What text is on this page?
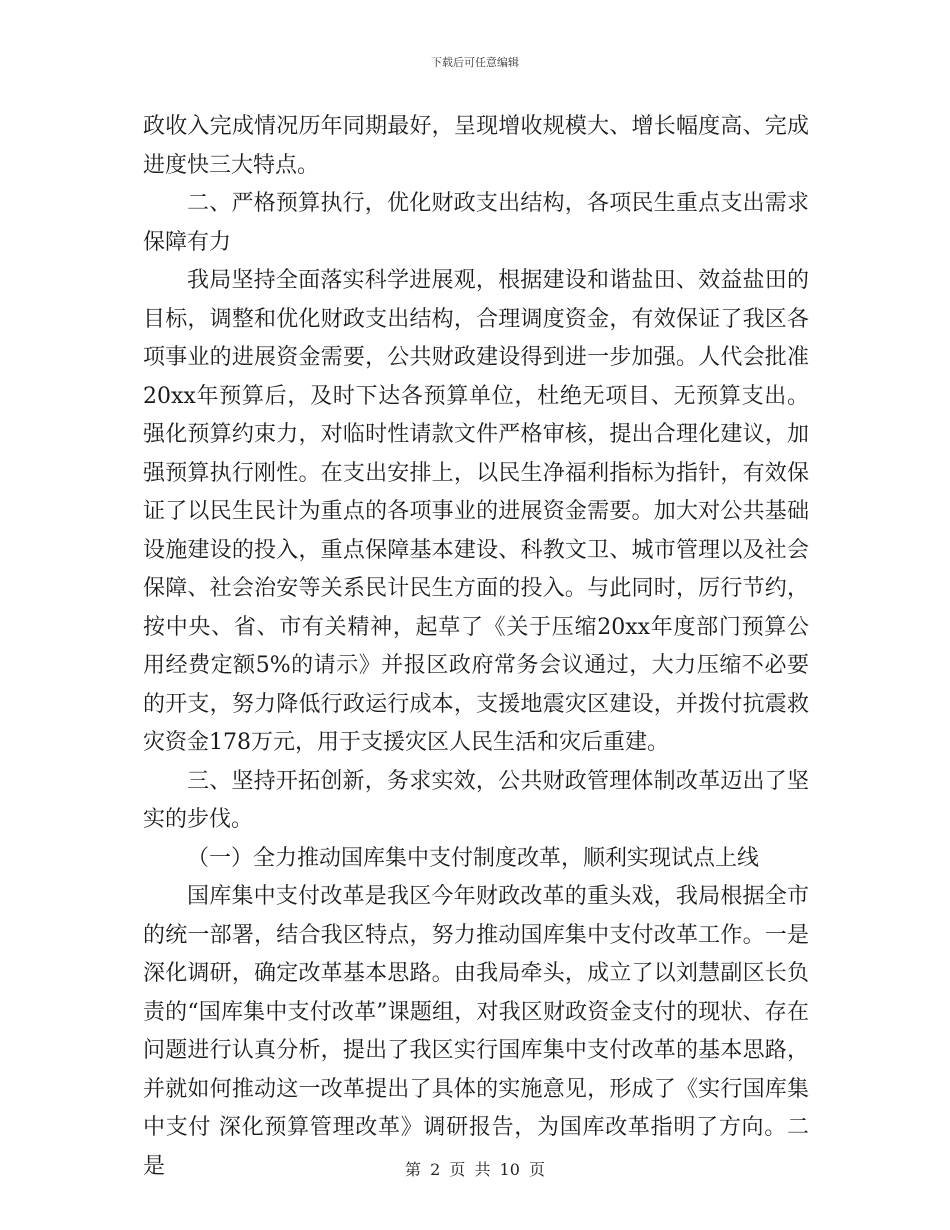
下载后可任意编辑

政收入完成情况历年同期最好，呈现增收规模大、增长幅度高、完成进度快三大特点。

二、严格预算执行，优化财政支出结构，各项民生重点支出需求保障有力

我局坚持全面落实科学进展观，根据建设和谐盐田、效益盐田的目标，调整和优化财政支出结构，合理调度资金，有效保证了我区各项事业的进展资金需要，公共财政建设得到进一步加强。人代会批准20xx年预算后，及时下达各预算单位，杜绝无项目、无预算支出。强化预算约束力，对临时性请款文件严格审核，提出合理化建议，加强预算执行刚性。在支出安排上，以民生净福利指标为指针，有效保证了以民生民计为重点的各项事业的进展资金需要。加大对公共基础设施建设的投入，重点保障基本建设、科教文卫、城市管理以及社会保障、社会治安等关系民计民生方面的投入。与此同时，厉行节约，按中央、省、市有关精神，起草了《关于压缩20xx年度部门预算公用经费定额5%的请示》并报区政府常务会议通过，大力压缩不必要的开支，努力降低行政运行成本，支援地震灾区建设，并拨付抗震救灾资金178万元，用于支援灾区人民生活和灾后重建。

三、坚持开拓创新，务求实效，公共财政管理体制改革迈出了坚实的步伐。

（一）全力推动国库集中支付制度改革，顺利实现试点上线

国库集中支付改革是我区今年财政改革的重头戏，我局根据全市的统一部署，结合我区特点，努力推动国库集中支付改革工作。一是深化调研，确定改革基本思路。由我局牵头，成立了以刘慧副区长负责的“国库集中支付改革”课题组，对我区财政资金支付的现状、存在问题进行认真分析，提出了我区实行国库集中支付改革的基本思路，并就如何推动这一改革提出了具体的实施意见，形成了《实行国库集中支付 深化预算管理改革》调研报告，为国库改革指明了方向。二是	第 2 页 共 10 页
